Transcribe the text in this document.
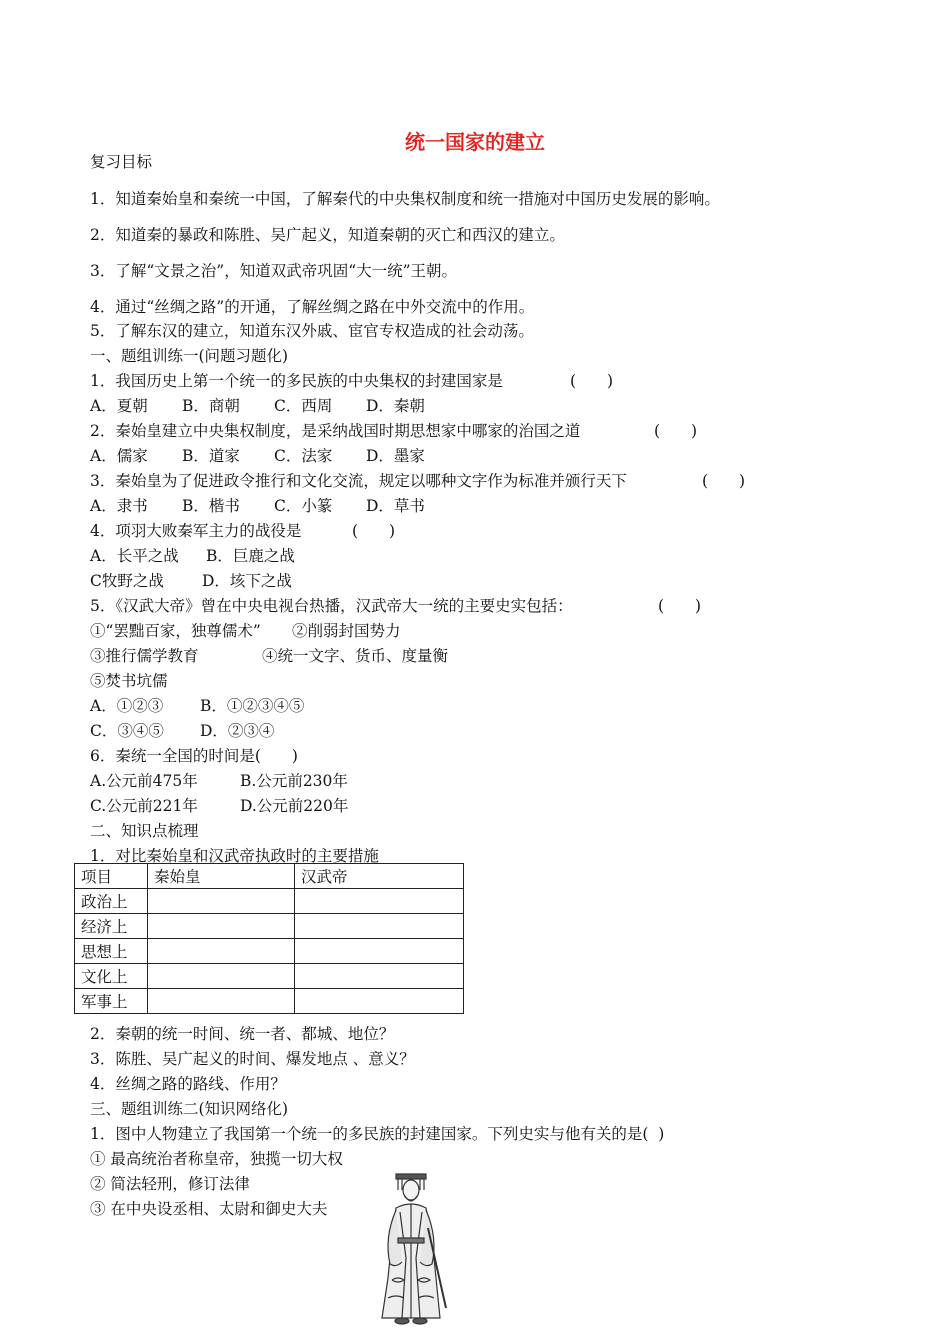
统一国家的建立
复习目标
1．知道秦始皇和秦统一中国，了解秦代的中央集权制度和统一措施对中国历史发展的影响。
2．知道秦的暴政和陈胜、吴广起义，知道秦朝的灭亡和西汉的建立。
3．了解“文景之治”，知道双武帝巩固“大一统”王朝。
4．通过“丝绸之路”的开通，了解丝绸之路在中外交流中的作用。
5．了解东汉的建立，知道东汉外戚、宦官专权造成的社会动荡。
一、题组训练一(问题习题化)

1．我国历史上第一个统一的多民族的中央集权的封建国家是

	(　　)

A．夏朝

B．商朝

C．西周

D．秦朝

2．秦始皇建立中央集权制度，是采纳战国时期思想家中哪家的治国之道

	(　　)

A．儒家

B．道家

C．法家

D．墨家

3．秦始皇为了促进政令推行和文化交流，规定以哪种文字作为标准并颁行天下

	(　　)

A．隶书

B．楷书

C．小篆

D．草书

4．项羽大败秦军主力的战役是

	(　　)

A．长平之战

B．巨鹿之战

C牧野之战

D．垓下之战

5．《汉武大帝》曾在中央电视台热播，汉武帝大一统的主要史实包括：

	(　　)

①“罢黜百家，独尊儒术”

②削弱封国势力

③推行儒学教育

	④统一文字、货币、度量衡

⑤焚书坑儒

A．①②③

B．①②③④⑤

C．③④⑤

D．②③④

6．秦统一全国的时间是(　　)

A.公元前475年

	B.公元前230年

C.公元前221年

	D.公元前220年

二、知识点梳理
1．对比秦始皇和汉武帝执政时的主要措施
项目	秦始皇	汉武帝
政治上		
经济上		
思想上		
文化上		
军事上		
2．秦朝的统一时间、统一者、都城、地位？
3．陈胜、吴广起义的时间、爆发地点 、意义？
4．丝绸之路的路线、作用？
三、题组训练二(知识网络化)
1．图中人物建立了我国第一个统一的多民族的封建国家。下列史实与他有关的是(  )
① 最高统治者称皇帝，独揽一切大权
② 简法轻刑，修订法律
③ 在中央设丞相、太尉和御史大夫
